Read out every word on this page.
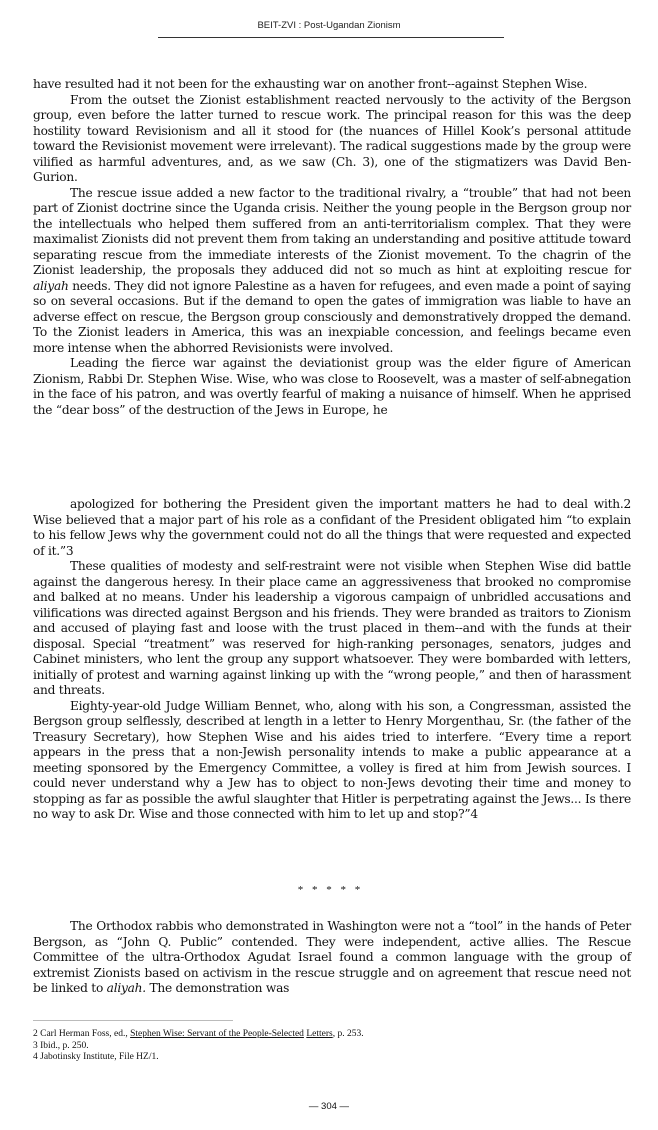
BEIT-ZVI : Post-Ugandan Zionism

have resulted had it not been for the exhausting war on another front--against Stephen Wise.

From the outset the Zionist establishment reacted nervously to the activity of the Bergson group, even before the latter turned to rescue work. The principal reason for this was the deep hostility toward Revisionism and all it stood for (the nuances of Hillel Kook’s personal attitude toward the Revisionist movement were irrelevant). The radical suggestions made by the group were vilified as harmful adventures, and, as we saw (Ch. 3), one of the stigmatizers was David Ben-Gurion.

The rescue issue added a new factor to the traditional rivalry, a “trouble” that had not been part of Zionist doctrine since the Uganda crisis. Neither the young people in the Bergson group nor the intellectuals who helped them suffered from an anti-territorialism complex. That they were maximalist Zionists did not prevent them from taking an understanding and positive attitude toward separating rescue from the immediate interests of the Zionist movement. To the chagrin of the Zionist leadership, the proposals they adduced did not so much as hint at exploiting rescue for aliyah needs. They did not ignore Palestine as a haven for refugees, and even made a point of saying so on several occasions. But if the demand to open the gates of immigration was liable to have an adverse effect on rescue, the Bergson group consciously and demonstratively dropped the demand. To the Zionist leaders in America, this was an inexpiable concession, and feelings became even more intense when the abhorred Revisionists were involved.

Leading the fierce war against the deviationist group was the elder figure of American Zionism, Rabbi Dr. Stephen Wise. Wise, who was close to Roosevelt, was a master of self-abnegation in the face of his patron, and was overtly fearful of making a nuisance of himself. When he apprised the “dear boss” of the destruction of the Jews in Europe, he

apologized for bothering the President given the important matters he had to deal with.2 Wise believed that a major part of his role as a confidant of the President obligated him “to explain to his fellow Jews why the government could not do all the things that were requested and expected of it.”3

These qualities of modesty and self-restraint were not visible when Stephen Wise did battle against the dangerous heresy. In their place came an aggressiveness that brooked no compromise and balked at no means. Under his leadership a vigorous campaign of unbridled accusations and vilifications was directed against Bergson and his friends. They were branded as traitors to Zionism and accused of playing fast and loose with the trust placed in them--and with the funds at their disposal. Special “treatment” was reserved for high-ranking personages, senators, judges and Cabinet ministers, who lent the group any support whatsoever. They were bombarded with letters, initially of protest and warning against linking up with the “wrong people,” and then of harassment and threats.

Eighty-year-old Judge William Bennet, who, along with his son, a Congressman, assisted the Bergson group selflessly, described at length in a letter to Henry Morgenthau, Sr. (the father of the Treasury Secretary), how Stephen Wise and his aides tried to interfere. “Every time a report appears in the press that a non-Jewish personality intends to make a public appearance at a meeting sponsored by the Emergency Committee, a volley is fired at him from Jewish sources. I could never understand why a Jew has to object to non-Jews devoting their time and money to stopping as far as possible the awful slaughter that Hitler is perpetrating against the Jews... Is there no way to ask Dr. Wise and those connected with him to let up and stop?”4

* * * * *

The Orthodox rabbis who demonstrated in Washington were not a “tool” in the hands of Peter Bergson, as “John Q. Public” contended. They were independent, active allies. The Rescue Committee of the ultra-Orthodox Agudat Israel found a common language with the group of extremist Zionists based on activism in the rescue struggle and on agreement that rescue need not be linked to aliyah. The demonstration was

2 Carl Herman Foss, ed., Stephen Wise: Servant of the People-Selected Letters, p. 253.
3 Ibid., p. 250.
4 Jabotinsky Institute, File HZ/1.
— 304 —
